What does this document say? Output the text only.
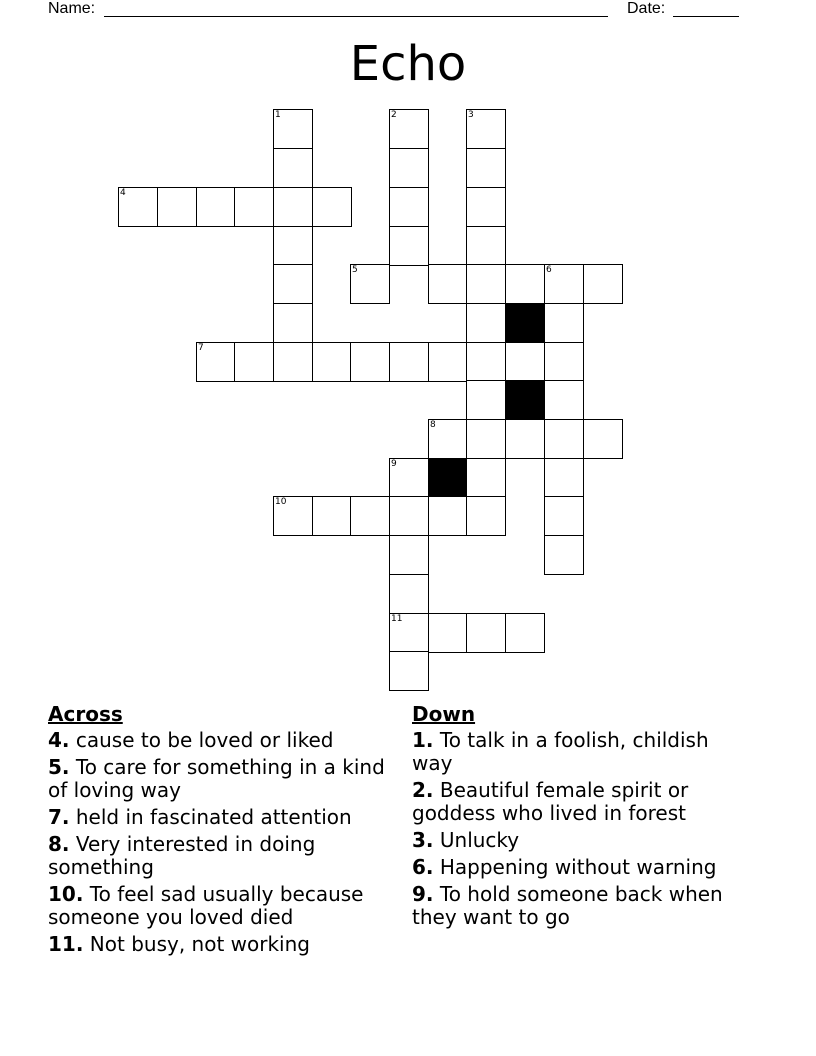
Name:	Date:
Echo
1	2	3
4
5	6
7
8
9
10
11
Across
4. cause to be loved or liked
5. To care for something in a kind of loving way
7. held in fascinated attention
8. Very interested in doing something
10. To feel sad usually because someone you loved died
11. Not busy, not working
Down
1. To talk in a foolish, childish way
2. Beautiful female spirit or goddess who lived in forest
3. Unlucky
6. Happening without warning
9. To hold someone back when they want to go
